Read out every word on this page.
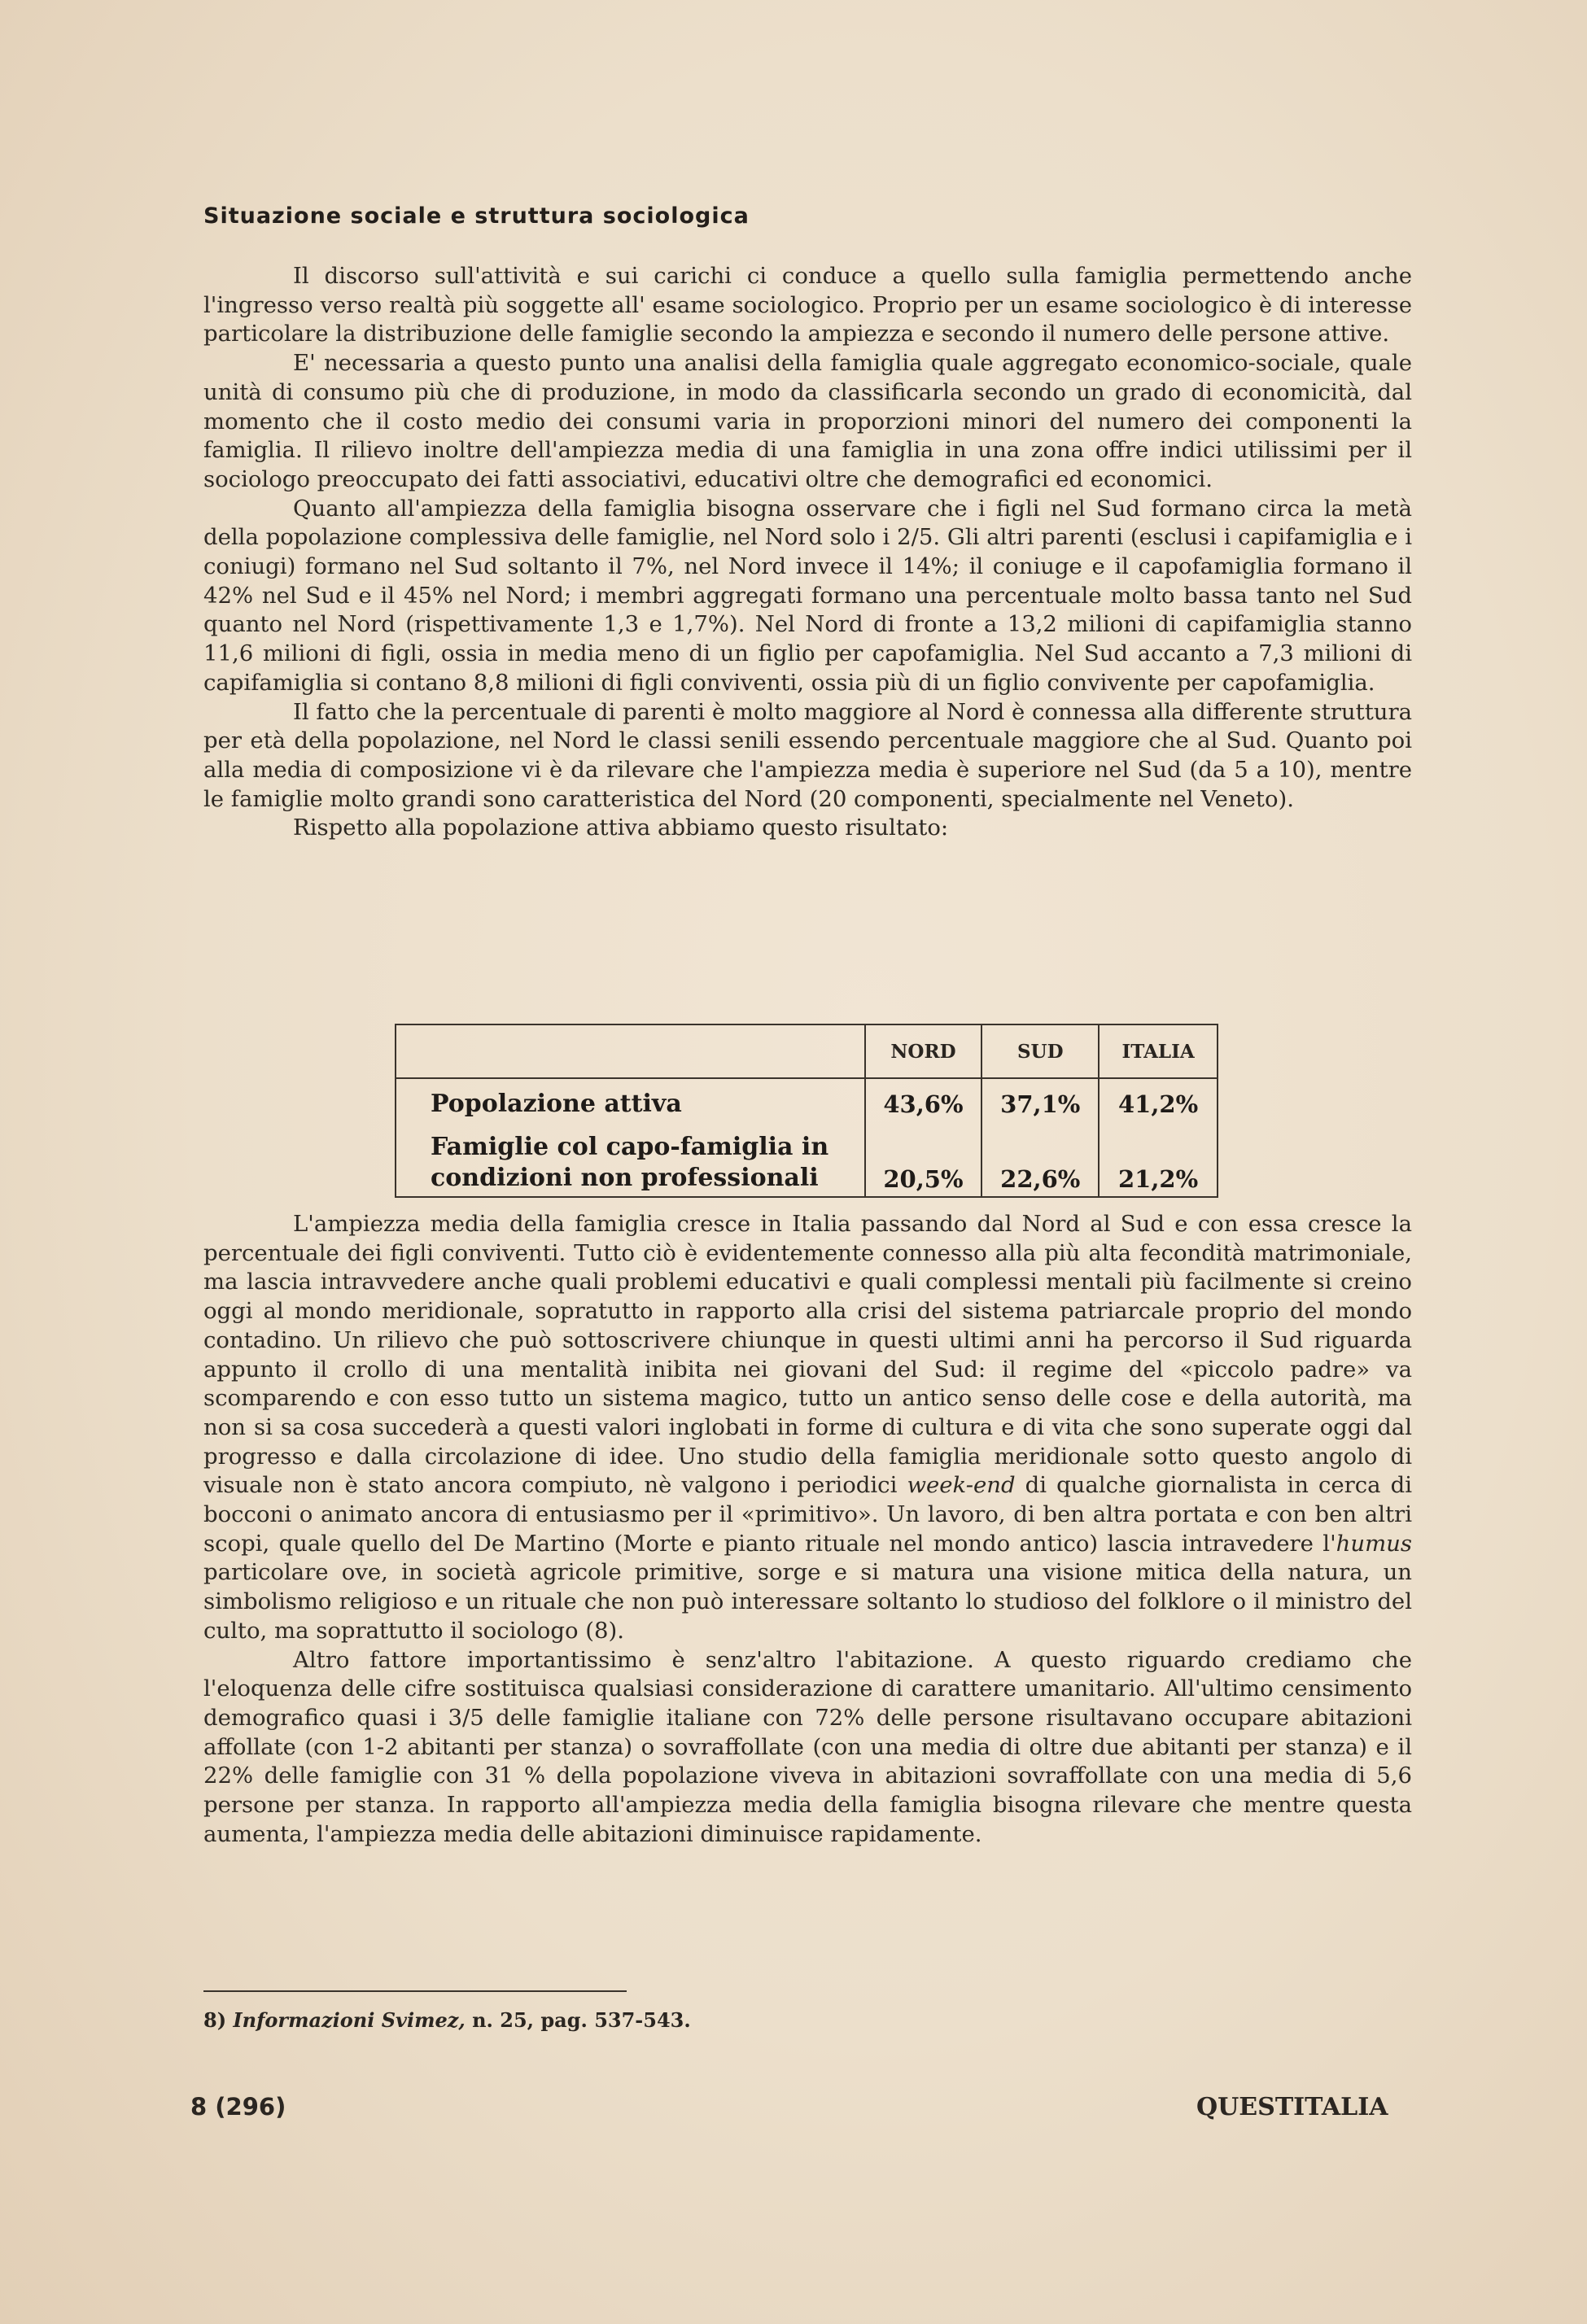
Situazione sociale e struttura sociologica

Il discorso sull'attività e sui carichi ci conduce a quello sulla famiglia permettendo anche l'ingresso verso realtà più soggette all' esame sociologico. Proprio per un esame sociologico è di interesse particolare la distribuzione delle famiglie secondo la ampiezza e secondo il numero delle persone attive.

E' necessaria a questo punto una analisi della famiglia quale aggregato economico-sociale, quale unità di consumo più che di produzione, in modo da classificarla secondo un grado di economicità, dal momento che il costo medio dei consumi varia in proporzioni minori del numero dei componenti la famiglia. Il rilievo inoltre dell'ampiezza media di una famiglia in una zona offre indici utilissimi per il sociologo preoccupato dei fatti associativi, educativi oltre che demografici ed economici.

Quanto all'ampiezza della famiglia bisogna osservare che i figli nel Sud formano circa la metà della popolazione complessiva delle famiglie, nel Nord solo i 2/5. Gli altri parenti (esclusi i capifamiglia e i coniugi) formano nel Sud soltanto il 7%, nel Nord invece il 14%; il coniuge e il capofamiglia formano il 42% nel Sud e il 45% nel Nord; i membri aggregati formano una percentuale molto bassa tanto nel Sud quanto nel Nord (rispettivamente 1,3 e 1,7%). Nel Nord di fronte a 13,2 milioni di capifamiglia stanno 11,6 milioni di figli, ossia in media meno di un figlio per capofamiglia. Nel Sud accanto a 7,3 milioni di capifamiglia si contano 8,8 milioni di figli conviventi, ossia più di un figlio convivente per capofamiglia.

Il fatto che la percentuale di parenti è molto maggiore al Nord è connessa alla differente struttura per età della popolazione, nel Nord le classi senili essendo percentuale maggiore che al Sud. Quanto poi alla media di composizione vi è da rilevare che l'ampiezza media è superiore nel Sud (da 5 a 10), mentre le famiglie molto grandi sono caratteristica del Nord (20 componenti, specialmente nel Veneto).

Rispetto alla popolazione attiva abbiamo questo risultato:

	NORD	SUD	ITALIA
Popolazione attiva	43,6%	37,1%	41,2%
Famiglie col capo-famiglia in condizioni non professionali	20,5%	22,6%	21,2%

L'ampiezza media della famiglia cresce in Italia passando dal Nord al Sud e con essa cresce la percentuale dei figli conviventi. Tutto ciò è evidentemente connesso alla più alta fecondità matrimoniale, ma lascia intravvedere anche quali problemi educativi e quali complessi mentali più facilmente si creino oggi al mondo meridionale, sopratutto in rapporto alla crisi del sistema patriarcale proprio del mondo contadino. Un rilievo che può sottoscrivere chiunque in questi ultimi anni ha percorso il Sud riguarda appunto il crollo di una mentalità inibita nei giovani del Sud: il regime del «piccolo padre» va scomparendo e con esso tutto un sistema magico, tutto un antico senso delle cose e della autorità, ma non si sa cosa succederà a questi valori inglobati in forme di cultura e di vita che sono superate oggi dal progresso e dalla circolazione di idee. Uno studio della famiglia meridionale sotto questo angolo di visuale non è stato ancora compiuto, nè valgono i periodici week-end di qualche giornalista in cerca di bocconi o animato ancora di entusiasmo per il «primitivo». Un lavoro, di ben altra portata e con ben altri scopi, quale quello del De Martino (Morte e pianto rituale nel mondo antico) lascia intravedere l'humus particolare ove, in società agricole primitive, sorge e si matura una visione mitica della natura, un simbolismo religioso e un rituale che non può interessare soltanto lo studioso del folklore o il ministro del culto, ma soprattutto il sociologo (8).

Altro fattore importantissimo è senz'altro l'abitazione. A questo riguardo crediamo che l'eloquenza delle cifre sostituisca qualsiasi considerazione di carattere umanitario. All'ultimo censimento demografico quasi i 3/5 delle famiglie italiane con 72% delle persone risultavano occupare abitazioni affollate (con 1-2 abitanti per stanza) o sovraffollate (con una media di oltre due abitanti per stanza) e il 22% delle famiglie con 31 % della popolazione viveva in abitazioni sovraffollate con una media di 5,6 persone per stanza. In rapporto all'ampiezza media della famiglia bisogna rilevare che mentre questa aumenta, l'ampiezza media delle abitazioni diminuisce rapidamente.

8) Informazioni Svimez, n. 25, pag. 537-543.
8 (296)	QUESTITALIA
